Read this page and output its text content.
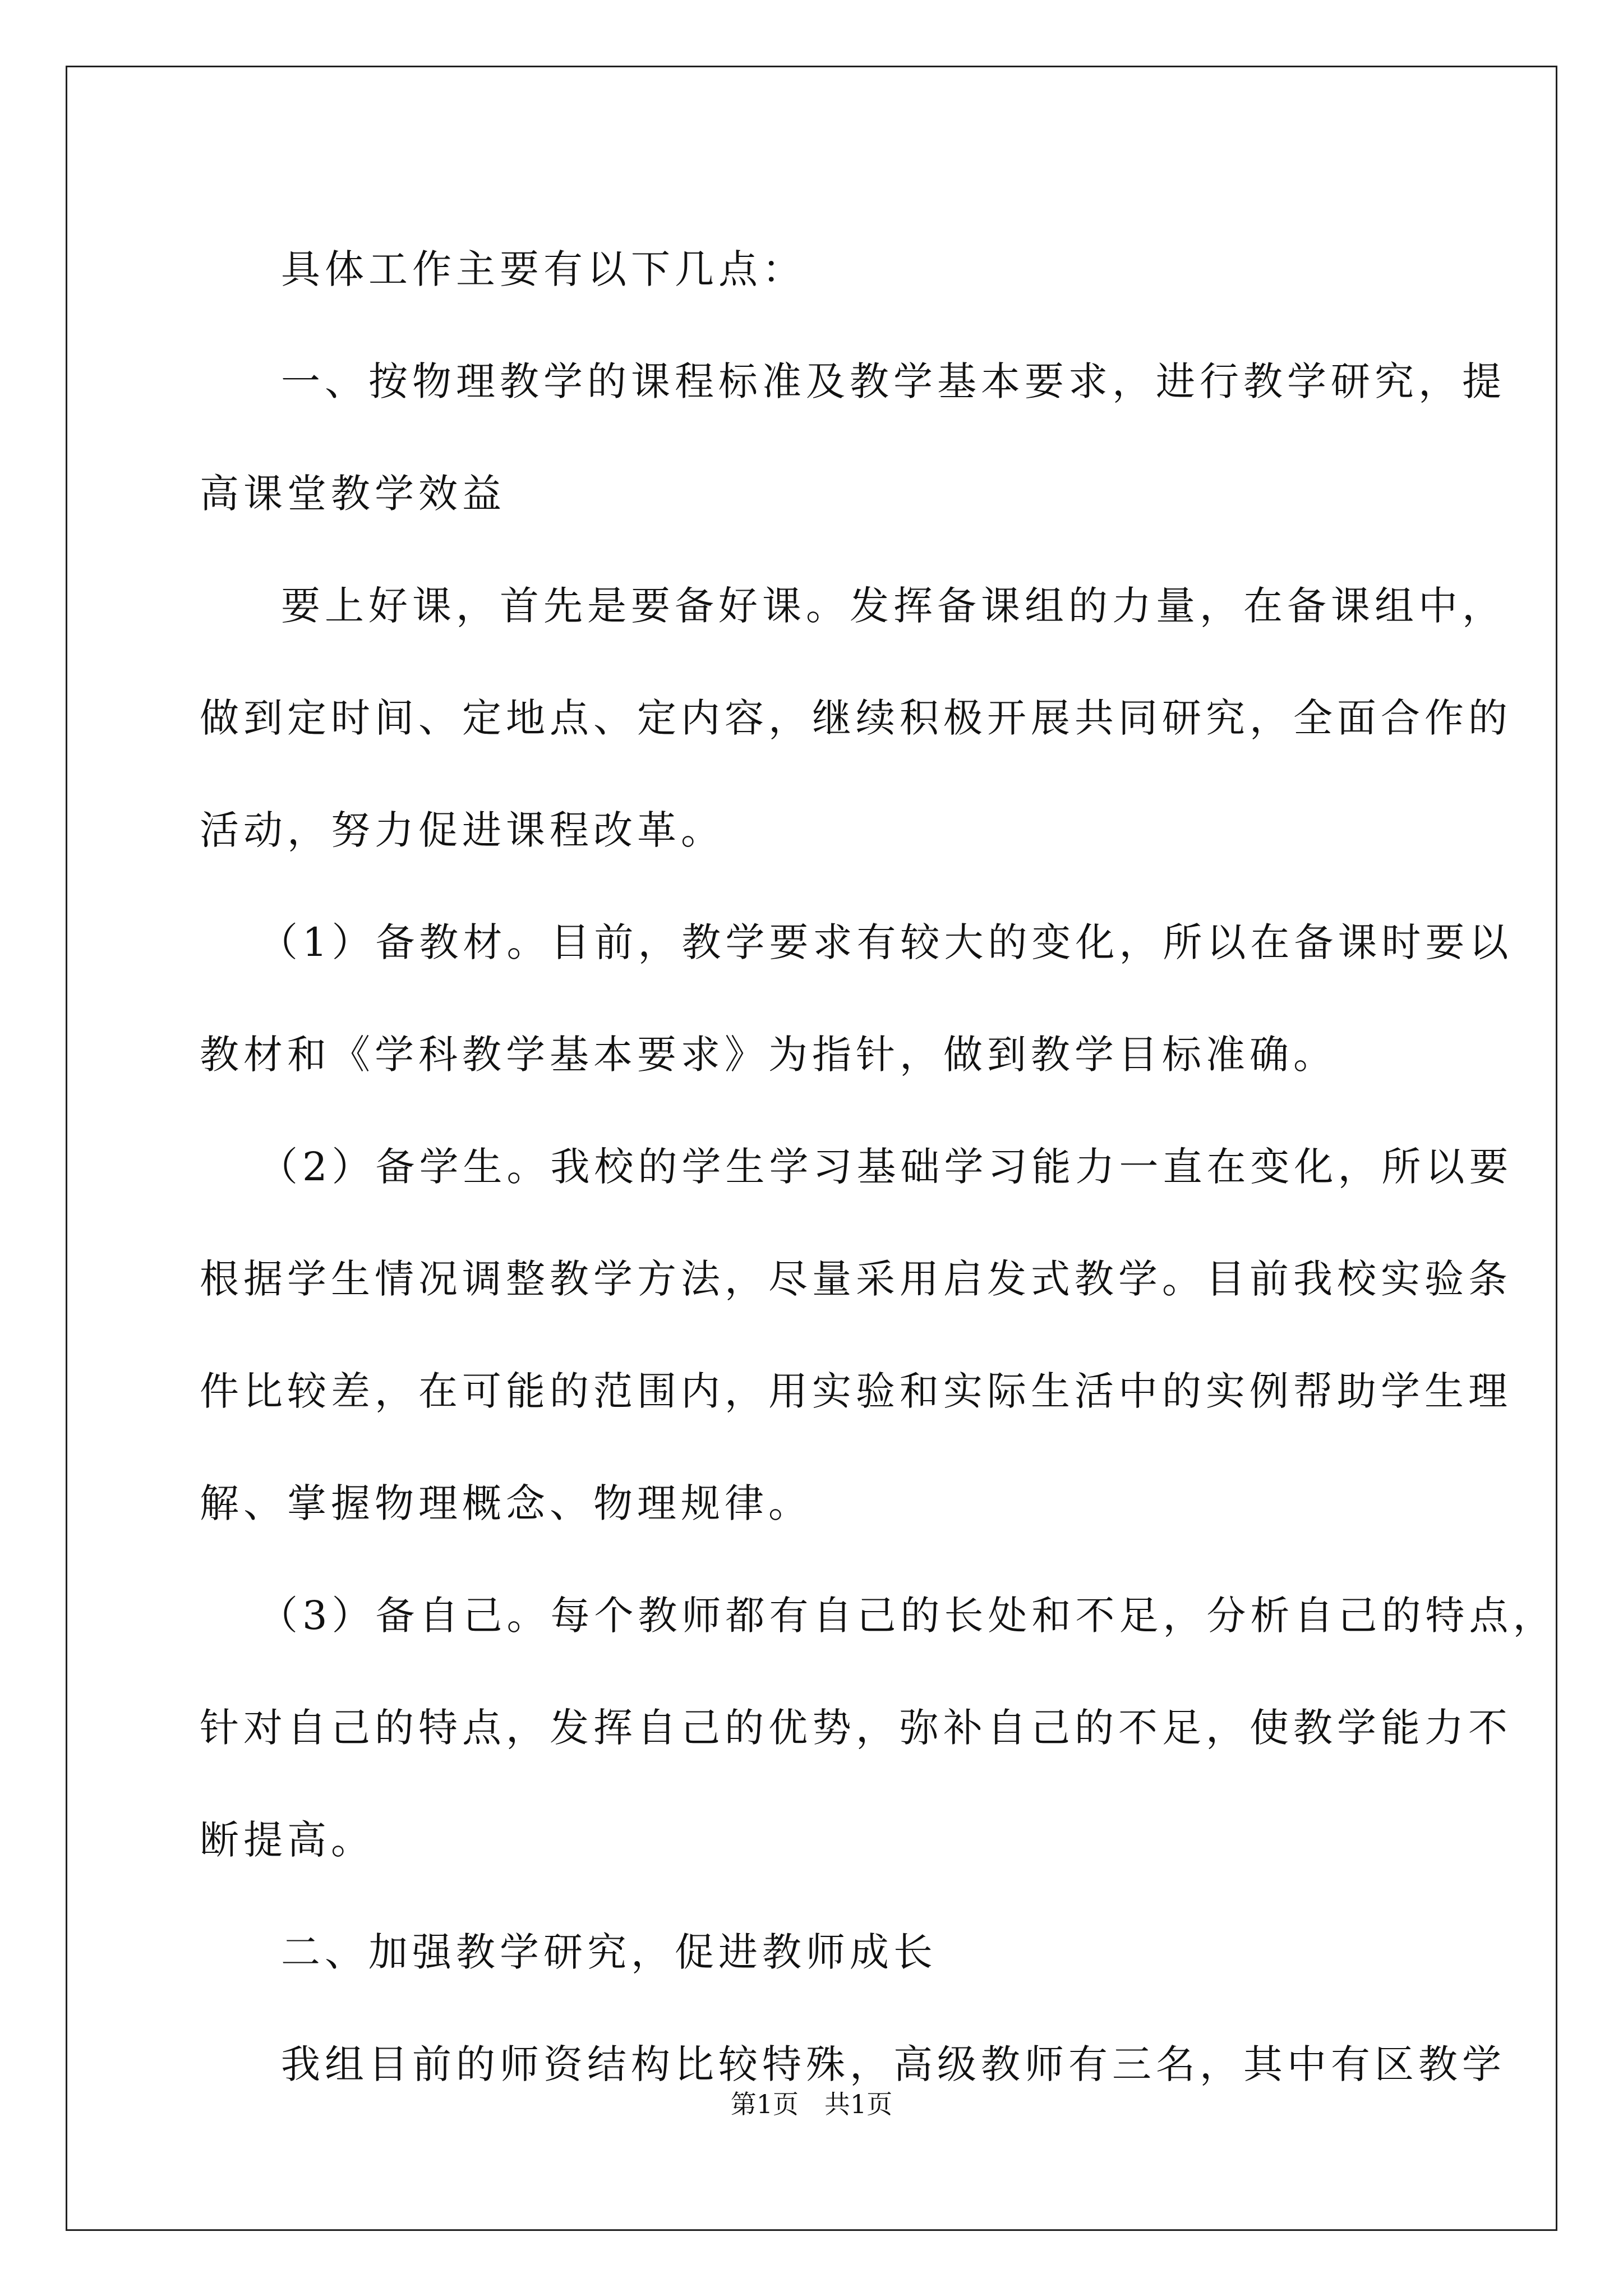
具体工作主要有以下几点：
一、按物理教学的课程标准及教学基本要求，进行教学研究，提
高课堂教学效益
要上好课，首先是要备好课。发挥备课组的力量，在备课组中，
做到定时间、定地点、定内容，继续积极开展共同研究，全面合作的
活动，努力促进课程改革。
（1）备教材。目前，教学要求有较大的变化，所以在备课时要以
教材和《学科教学基本要求》为指针，做到教学目标准确。
（2）备学生。我校的学生学习基础学习能力一直在变化，所以要
根据学生情况调整教学方法，尽量采用启发式教学。目前我校实验条
件比较差，在可能的范围内，用实验和实际生活中的实例帮助学生理
解、掌握物理概念、物理规律。
（3）备自己。每个教师都有自己的长处和不足，分析自己的特点，
针对自己的特点，发挥自己的优势，弥补自己的不足，使教学能力不
断提高。
二、加强教学研究，促进教师成长
我组目前的师资结构比较特殊，高级教师有三名，其中有区教学
第1页　共1页
